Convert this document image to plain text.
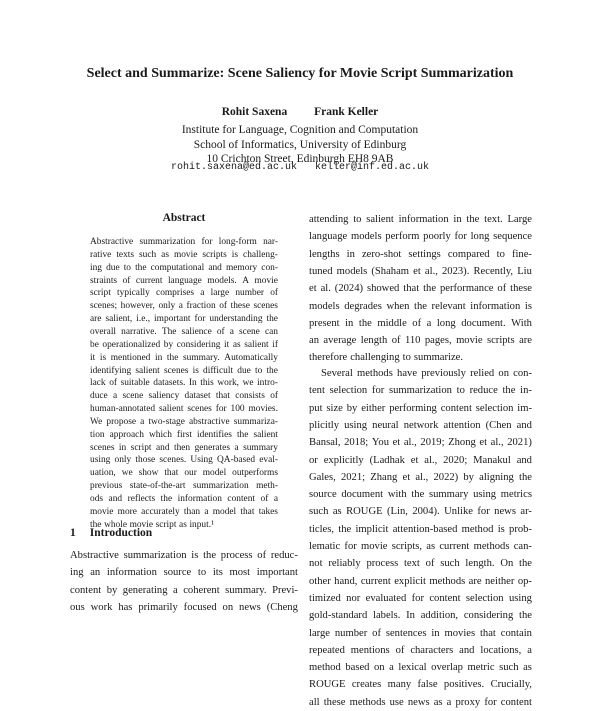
Select and Summarize: Scene Saliency for Movie Script Summarization
Rohit Saxena Frank Keller
Institute for Language, Cognition and Computation
School of Informatics, University of Edinburg
10 Crichton Street, Edinburgh EH8 9AB
rohit.saxena@ed.ac.uk keller@inf.ed.ac.uk
Abstract
Abstractive summarization for long-form nar-
rative texts such as movie scripts is challeng-
ing due to the computational and memory con-
straints of current language models. A movie
script typically comprises a large number of
scenes; however, only a fraction of these scenes
are salient, i.e., important for understanding the
overall narrative. The salience of a scene can
be operationalized by considering it as salient if
it is mentioned in the summary. Automatically
identifying salient scenes is difficult due to the
lack of suitable datasets. In this work, we intro-
duce a scene saliency dataset that consists of
human-annotated salient scenes for 100 movies.
We propose a two-stage abstractive summariza-
tion approach which first identifies the salient
scenes in script and then generates a summary
using only those scenes. Using QA-based eval-
uation, we show that our model outperforms
previous state-of-the-art summarization meth-
ods and reflects the information content of a
movie more accurately than a model that takes
the whole movie script as input.¹
1 Introduction
Abstractive summarization is the process of reduc-
ing an information source to its most important
content by generating a coherent summary. Previ-
ous work has primarily focused on news (Cheng
attending to salient information in the text. Large
language models perform poorly for long sequence
lengths in zero-shot settings compared to fine-
tuned models (Shaham et al., 2023). Recently, Liu
et al. (2024) showed that the performance of these
models degrades when the relevant information is
present in the middle of a long document. With
an average length of 110 pages, movie scripts are
therefore challenging to summarize.
Several methods have previously relied on con-
tent selection for summarization to reduce the in-
put size by either performing content selection im-
plicitly using neural network attention (Chen and
Bansal, 2018; You et al., 2019; Zhong et al., 2021)
or explicitly (Ladhak et al., 2020; Manakul and
Gales, 2021; Zhang et al., 2022) by aligning the
source document with the summary using metrics
such as ROUGE (Lin, 2004). Unlike for news ar-
ticles, the implicit attention-based method is prob-
lematic for movie scripts, as current methods can-
not reliably process text of such length. On the
other hand, current explicit methods are neither op-
timized nor evaluated for content selection using
gold-standard labels. In addition, considering the
large number of sentences in movies that contain
repeated mentions of characters and locations, a
method based on a lexical overlap metric such as
ROUGE creates many false positives. Crucially,
all these methods use news as a proxy for content
